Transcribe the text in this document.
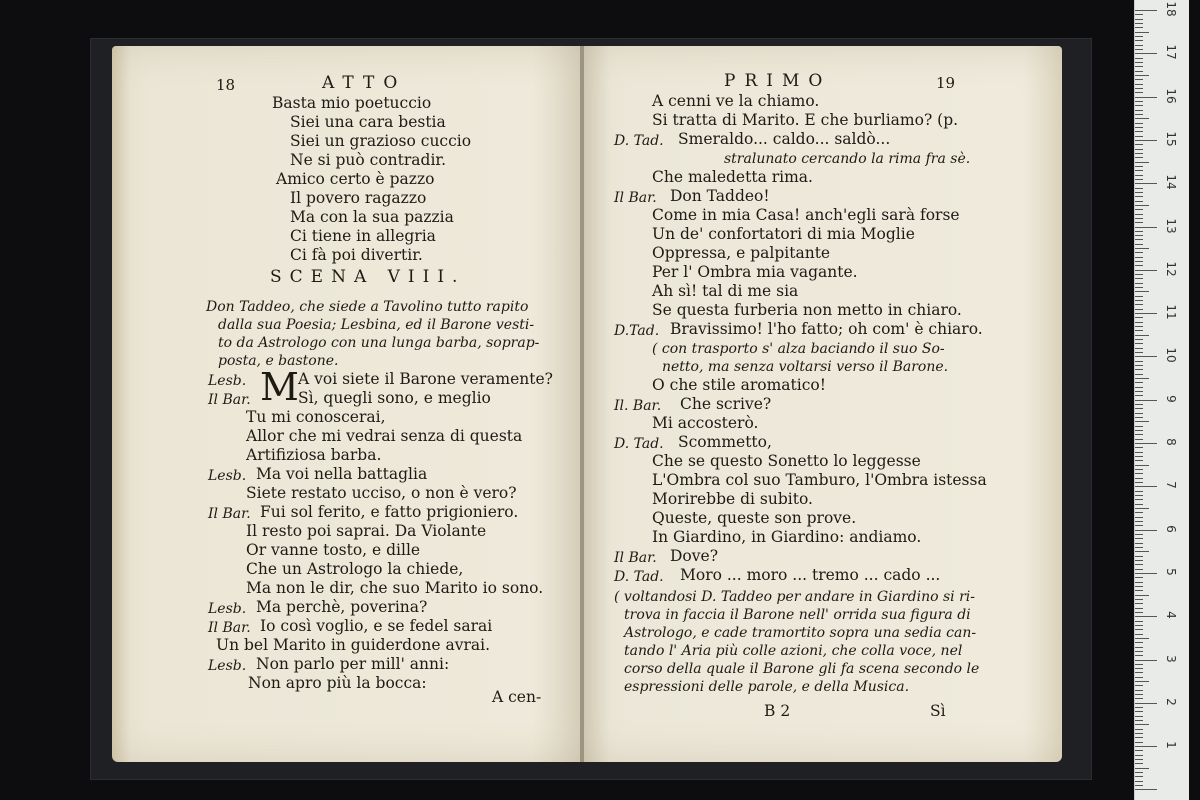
18	ATTO
Basta mio poetuccio
Siei una cara bestia
Siei un grazioso cuccio
Ne si può contradir.
Amico certo è pazzo
Il povero ragazzo
Ma con la sua pazzia
Ci tiene in allegria
Ci fà poi divertir.
SCENA VIII.
Don Taddeo, che siede a Tavolino tutto rapito
dalla sua Poesia; Lesbina, ed il Barone vesti-
to da Astrologo con una lunga barba, soprap-
posta, e bastone.
M
Lesb.	A voi siete il Barone veramente?
Il Bar.	Sì, quegli sono, e meglio
Tu mi conoscerai,
Allor che mi vedrai senza di questa
Artifiziosa barba.
Lesb. Ma voi nella battaglia
Siete restato ucciso, o non è vero?
Il Bar. Fui sol ferito, e fatto prigioniero.
Il resto poi saprai. Da Violante
Or vanne tosto, e dille
Che un Astrologo la chiede,
Ma non le dir, che suo Marito io sono.
Lesb. Ma perchè, poverina?
Il Bar. Io così voglio, e se fedel sarai
Un bel Marito in guiderdone avrai.
Lesb. Non parlo per mill' anni:
Non apro più la bocca:
A cen-
PRIMO	19
A cenni ve la chiamo.
Si tratta di Marito. E che burliamo? (p.
D. Tad. Smeraldo... caldo... saldò...
stralunato cercando la rima fra sè.
Che maledetta rima.
Il Bar. Don Taddeo!
Come in mia Casa! anch'egli sarà forse
Un de' confortatori di mia Moglie
Oppressa, e palpitante
Per l' Ombra mia vagante.
Ah sì! tal di me sia
Se questa furberia non metto in chiaro.
D.Tad. Bravissimo! l'ho fatto; oh com' è chiaro.
( con trasporto s' alza baciando il suo So-
netto, ma senza voltarsi verso il Barone.
O che stile aromatico!
Il. Bar. Che scrive?
Mi accosterò.
D. Tad. Scommetto,
Che se questo Sonetto lo leggesse
L'Ombra col suo Tamburo, l'Ombra istessa
Morirebbe di subito.
Queste, queste son prove.
In Giardino, in Giardino: andiamo.
Il Bar. Dove?
D. Tad. Moro ... moro ... tremo ... cado ...
( voltandosi D. Taddeo per andare in Giardino si ri-
trova in faccia il Barone nell' orrida sua figura di
Astrologo, e cade tramortito sopra una sedia can-
tando l' Aria più colle azioni, che colla voce, nel
corso della quale il Barone gli fa scena secondo le
espressioni delle parole, e della Musica.
B 2	Sì
18
17
16
15
14
13
12
11
10
9
8
7
6
5
4
3
2
1
